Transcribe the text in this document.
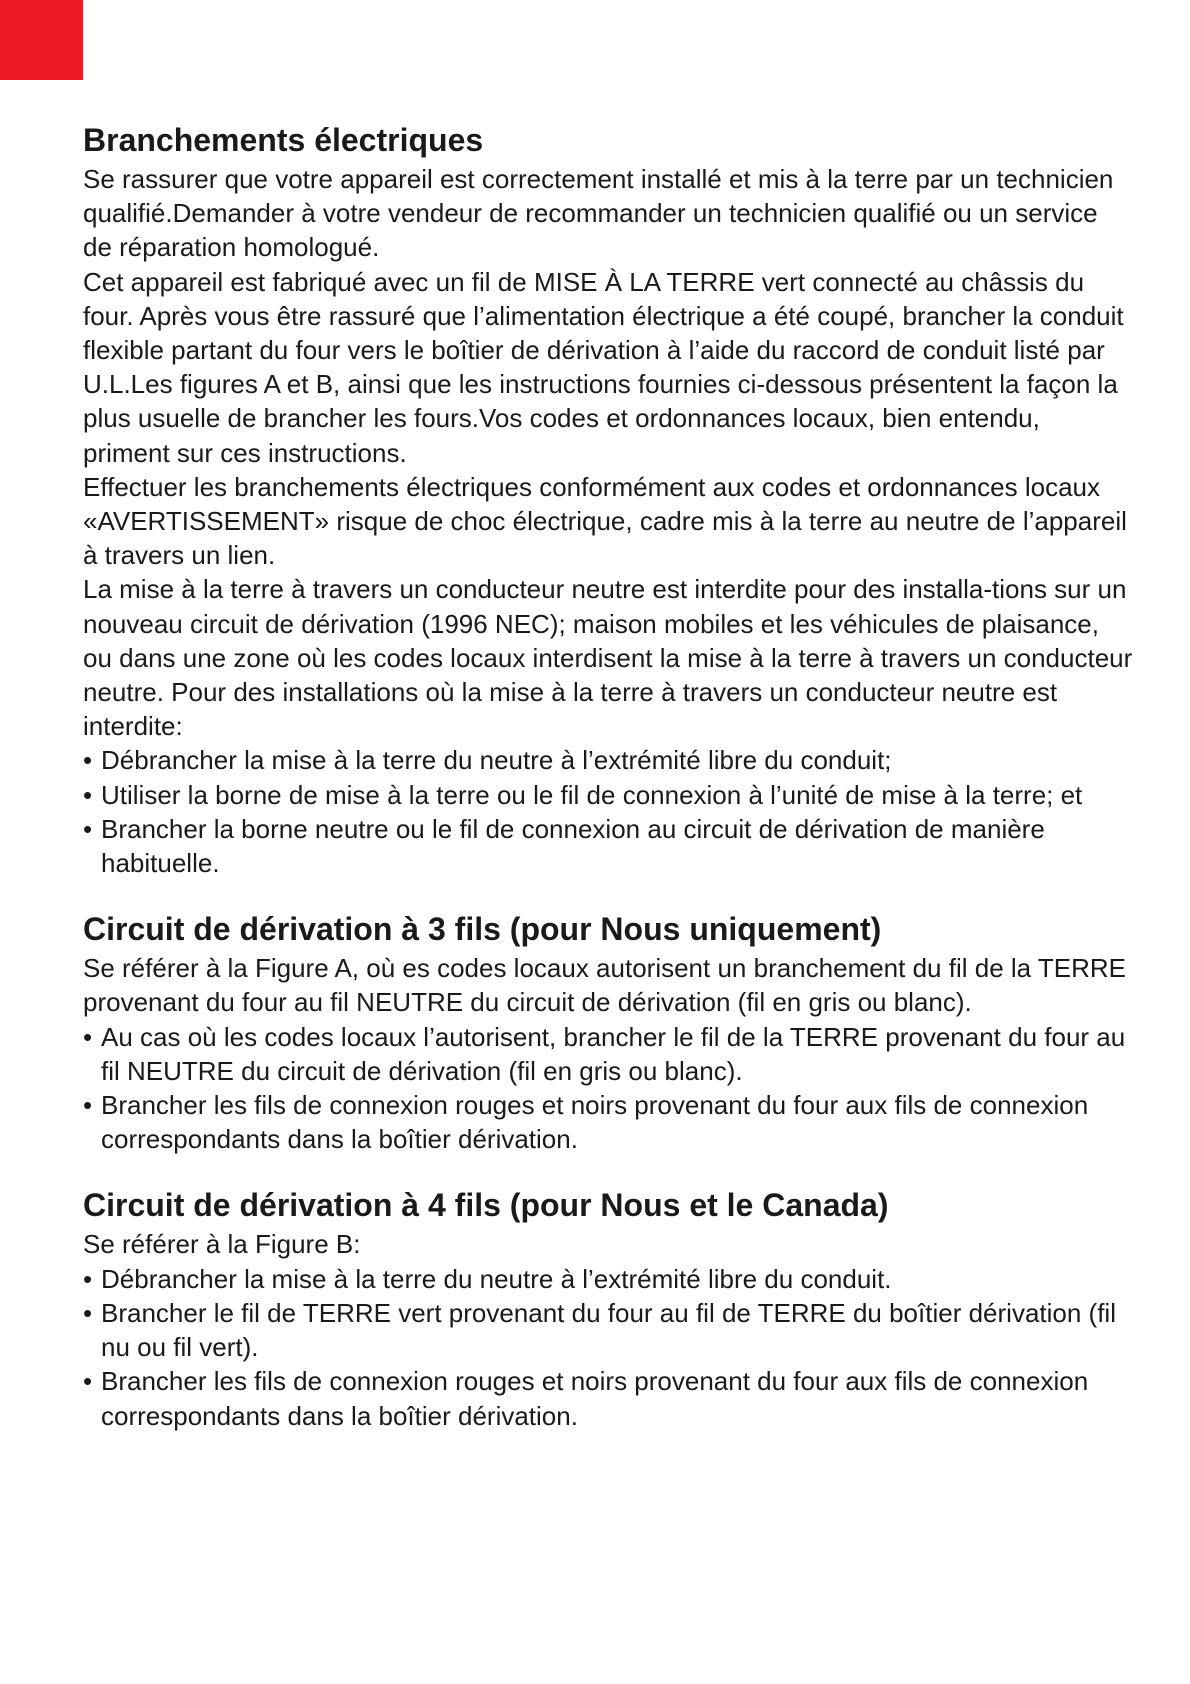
Branchements électriques

Se rassurer que votre appareil est correctement installé et mis à la terre par un technicien qualifié.Demander à votre vendeur de recommander un technicien qualifié ou un service de réparation homologué.

Cet appareil est fabriqué avec un fil de MISE À LA TERRE vert connecté au châssis du four. Après vous être rassuré que l’alimentation électrique a été coupé, brancher la conduit flexible partant du four vers le boîtier de dérivation à l’aide du raccord de conduit listé par U.L.Les figures A et B, ainsi que les instructions fournies ci-dessous présentent la façon la plus usuelle de brancher les fours.Vos codes et ordonnances locaux, bien entendu, priment sur ces instructions.

Effectuer les branchements électriques conformément aux codes et ordonnances locaux «AVERTISSEMENT» risque de choc électrique, cadre mis à la terre au neutre de l’appareil à travers un lien.

La mise à la terre à travers un conducteur neutre est interdite pour des installa-tions sur un nouveau circuit de dérivation (1996 NEC); maison mobiles et les véhicules de plaisance, ou dans une zone où les codes locaux interdisent la mise à la terre à travers un conducteur neutre. Pour des installations où la mise à la terre à travers un conducteur neutre est interdite:

• Débrancher la mise à la terre du neutre à l’extrémité libre du conduit;
• Utiliser la borne de mise à la terre ou le fil de connexion à l’unité de mise à la terre; et
• Brancher la borne neutre ou le fil de connexion au circuit de dérivation de manière habituelle.
Circuit de dérivation à 3 fils (pour Nous uniquement)

Se référer à la Figure A, où es codes locaux autorisent un branchement du fil de la TERRE provenant du four au fil NEUTRE du circuit de dérivation (fil en gris ou blanc).

• Au cas où les codes locaux l’autorisent, brancher le fil de la TERRE provenant du four au fil NEUTRE du circuit de dérivation (fil en gris ou blanc).
• Brancher les fils de connexion rouges et noirs provenant du four aux fils de connexion correspondants dans la boîtier dérivation.
Circuit de dérivation à 4 fils (pour Nous et le Canada)

Se référer à la Figure B:

• Débrancher la mise à la terre du neutre à l’extrémité libre du conduit.
• Brancher le fil de TERRE vert provenant du four au fil de TERRE du boîtier dérivation (fil nu ou fil vert).
• Brancher les fils de connexion rouges et noirs provenant du four aux fils de connexion correspondants dans la boîtier dérivation.
